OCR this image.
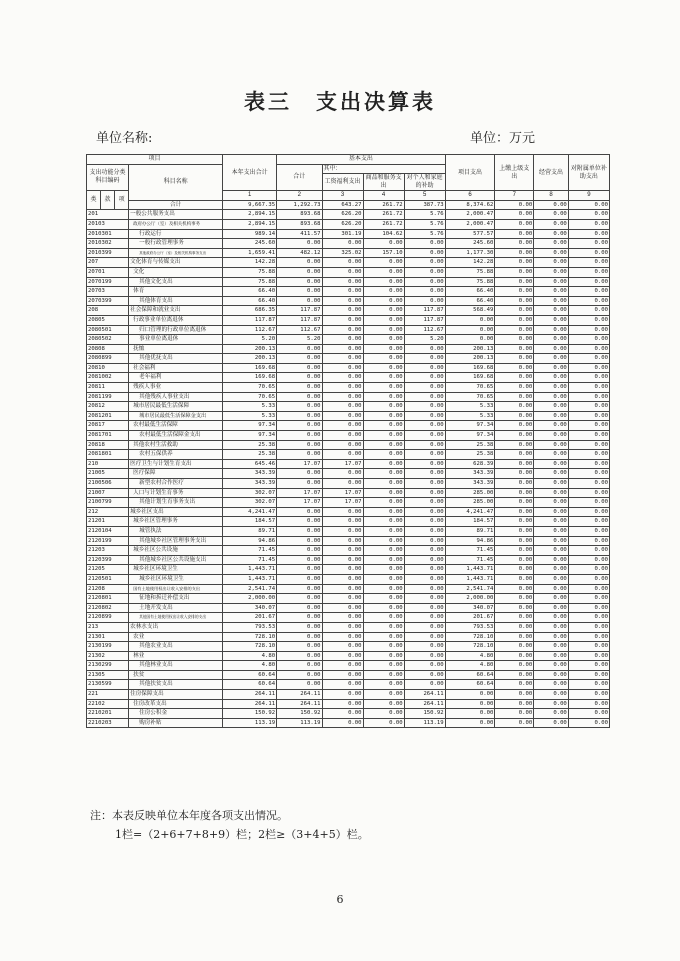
表三　支出决算表
单位名称:	单位：万元
项目				本年支出合计	基本支出				项目支出	上缴上级支出	经营支出	对附属单位补助支出
支出功能分类科目编码			科目名称		合计	其中:						
						工资福利支出	商品和服务支出	对个人和家庭的补助				
类	款	项		1	2	3	4	5	6	7	8	9
			合计	9,667.35	1,292.73	643.27	261.72	387.73	8,374.62	0.00	0.00	0.00
201			一般公共服务支出	2,894.15	893.68	626.20	261.72	5.76	2,000.47	0.00	0.00	0.00
20103			政府办公厅（室）及相关机构事务	2,894.15	893.68	626.20	261.72	5.76	2,000.47	0.00	0.00	0.00
2010301			行政运行	989.14	411.57	301.19	104.62	5.76	577.57	0.00	0.00	0.00
2010302			一般行政管理事务	245.60	0.00	0.00	0.00	0.00	245.60	0.00	0.00	0.00
2010399			其他政府办公厅（室）及相关机构事务支出	1,659.41	482.12	325.02	157.10	0.00	1,177.30	0.00	0.00	0.00
207			文化体育与传媒支出	142.28	0.00	0.00	0.00	0.00	142.28	0.00	0.00	0.00
20701			文化	75.88	0.00	0.00	0.00	0.00	75.88	0.00	0.00	0.00
2070199			其他文化支出	75.88	0.00	0.00	0.00	0.00	75.88	0.00	0.00	0.00
20703			体育	66.40	0.00	0.00	0.00	0.00	66.40	0.00	0.00	0.00
2070399			其他体育支出	66.40	0.00	0.00	0.00	0.00	66.40	0.00	0.00	0.00
208			社会保障和就业支出	686.35	117.87	0.00	0.00	117.87	568.49	0.00	0.00	0.00
20805			行政事业单位离退休	117.87	117.87	0.00	0.00	117.87	0.00	0.00	0.00	0.00
2080501			归口管理的行政单位离退休	112.67	112.67	0.00	0.00	112.67	0.00	0.00	0.00	0.00
2080502			事业单位离退休	5.20	5.20	0.00	0.00	5.20	0.00	0.00	0.00	0.00
20808			抚恤	200.13	0.00	0.00	0.00	0.00	200.13	0.00	0.00	0.00
2080899			其他优抚支出	200.13	0.00	0.00	0.00	0.00	200.13	0.00	0.00	0.00
20810			社会福利	169.68	0.00	0.00	0.00	0.00	169.68	0.00	0.00	0.00
2081002			老年福利	169.68	0.00	0.00	0.00	0.00	169.68	0.00	0.00	0.00
20811			残疾人事业	70.65	0.00	0.00	0.00	0.00	70.65	0.00	0.00	0.00
2081199			其他残疾人事业支出	70.65	0.00	0.00	0.00	0.00	70.65	0.00	0.00	0.00
20812			城市居民最低生活保障	5.33	0.00	0.00	0.00	0.00	5.33	0.00	0.00	0.00
2081201			城市居民最低生活保障金支出	5.33	0.00	0.00	0.00	0.00	5.33	0.00	0.00	0.00
20817			农村最低生活保障	97.34	0.00	0.00	0.00	0.00	97.34	0.00	0.00	0.00
2081701			农村最低生活保障金支出	97.34	0.00	0.00	0.00	0.00	97.34	0.00	0.00	0.00
20818			其他农村生活救助	25.38	0.00	0.00	0.00	0.00	25.38	0.00	0.00	0.00
2081801			农村五保供养	25.38	0.00	0.00	0.00	0.00	25.38	0.00	0.00	0.00
210			医疗卫生与计划生育支出	645.46	17.07	17.07	0.00	0.00	628.39	0.00	0.00	0.00
21005			医疗保障	343.39	0.00	0.00	0.00	0.00	343.39	0.00	0.00	0.00
2100506			新型农村合作医疗	343.39	0.00	0.00	0.00	0.00	343.39	0.00	0.00	0.00
21007			人口与计划生育事务	302.07	17.07	17.07	0.00	0.00	285.00	0.00	0.00	0.00
2100799			其他计划生育事务支出	302.07	17.07	17.07	0.00	0.00	285.00	0.00	0.00	0.00
212			城乡社区支出	4,241.47	0.00	0.00	0.00	0.00	4,241.47	0.00	0.00	0.00
21201			城乡社区管理事务	184.57	0.00	0.00	0.00	0.00	184.57	0.00	0.00	0.00
2120104			城管执法	89.71	0.00	0.00	0.00	0.00	89.71	0.00	0.00	0.00
2120199			其他城乡社区管理事务支出	94.86	0.00	0.00	0.00	0.00	94.86	0.00	0.00	0.00
21203			城乡社区公共设施	71.45	0.00	0.00	0.00	0.00	71.45	0.00	0.00	0.00
2120399			其他城乡社区公共设施支出	71.45	0.00	0.00	0.00	0.00	71.45	0.00	0.00	0.00
21205			城乡社区环境卫生	1,443.71	0.00	0.00	0.00	0.00	1,443.71	0.00	0.00	0.00
2120501			城乡社区环境卫生	1,443.71	0.00	0.00	0.00	0.00	1,443.71	0.00	0.00	0.00
21208			国有土地使用权出让收入安排的支出	2,541.74	0.00	0.00	0.00	0.00	2,541.74	0.00	0.00	0.00
2120801			征地和拆迁补偿支出	2,000.00	0.00	0.00	0.00	0.00	2,000.00	0.00	0.00	0.00
2120802			土地开发支出	340.07	0.00	0.00	0.00	0.00	340.07	0.00	0.00	0.00
2120899			其他国有土地使用权出让收入安排的支出	201.67	0.00	0.00	0.00	0.00	201.67	0.00	0.00	0.00
213			农林水支出	793.53	0.00	0.00	0.00	0.00	793.53	0.00	0.00	0.00
21301			农业	728.10	0.00	0.00	0.00	0.00	728.10	0.00	0.00	0.00
2130199			其他农业支出	728.10	0.00	0.00	0.00	0.00	728.10	0.00	0.00	0.00
21302			林业	4.80	0.00	0.00	0.00	0.00	4.80	0.00	0.00	0.00
2130299			其他林业支出	4.80	0.00	0.00	0.00	0.00	4.80	0.00	0.00	0.00
21305			扶贫	60.64	0.00	0.00	0.00	0.00	60.64	0.00	0.00	0.00
2130599			其他扶贫支出	60.64	0.00	0.00	0.00	0.00	60.64	0.00	0.00	0.00
221			住房保障支出	264.11	264.11	0.00	0.00	264.11	0.00	0.00	0.00	0.00
22102			住房改革支出	264.11	264.11	0.00	0.00	264.11	0.00	0.00	0.00	0.00
2210201			住房公积金	150.92	150.92	0.00	0.00	150.92	0.00	0.00	0.00	0.00
2210203			购房补贴	113.19	113.19	0.00	0.00	113.19	0.00	0.00	0.00	0.00
注：本表反映单位本年度各项支出情况。
1栏=（2+6+7+8+9）栏；2栏≥（3+4+5）栏。
6
